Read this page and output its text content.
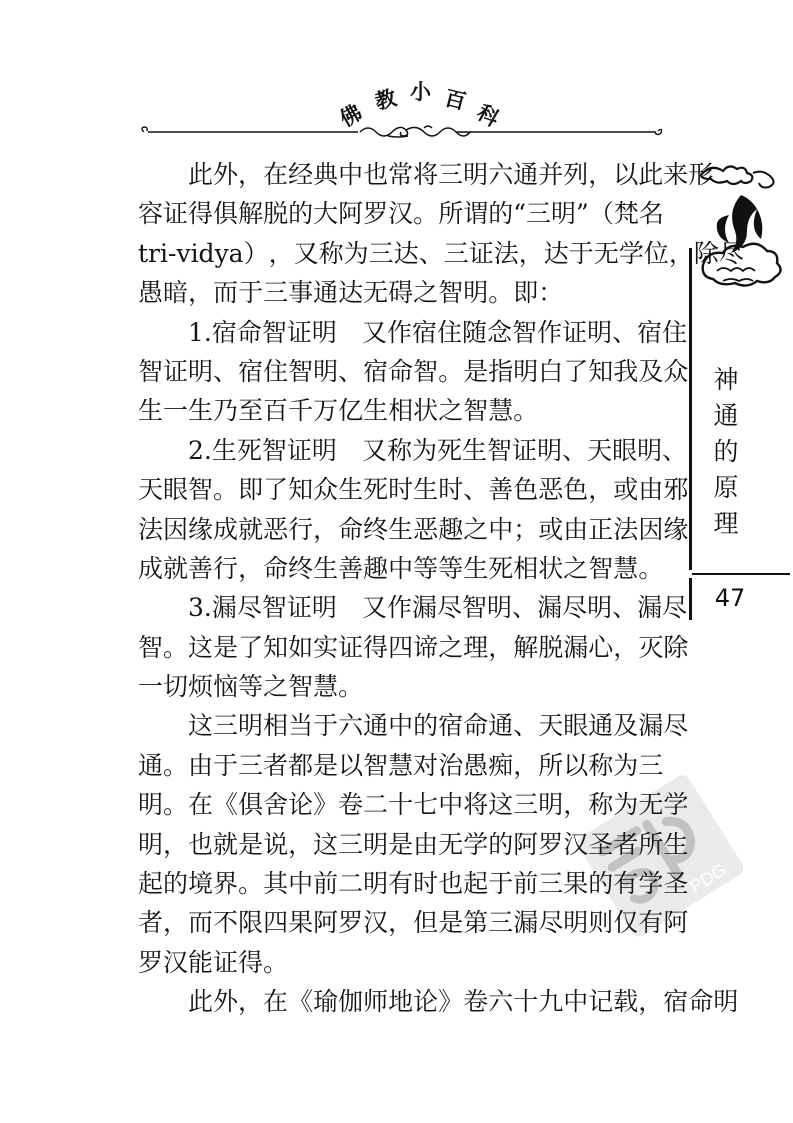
佛 教 小 百 科
神
通
的
原
理
47
PDG
此 外 ， 在 经 典 中 也 常 将 三 明 六 通 并 列 ， 以 此 来 形
容 证 得 俱 解 脱 的 大 阿 罗 汉 。 所 谓 的 “ 三 明 ” （ 梵 名
tri-vidya ） ， 又 称 为 三 达 、 三 证 法 ， 达 于 无 学 位 ， 除 尽
愚 暗 ， 而 于 三 事 通 达 无 碍 之 智 明 。 即 ：
1 . 宿 命 智 证 明
　 又 作 宿 住 随 念 智 作 证 明 、 宿 住
智 证 明 、 宿 住 智 明 、 宿 命 智 。 是 指 明 白 了 知 我 及 众
生 一 生 乃 至 百 千 万 亿 生 相 状 之 智 慧 。
2 . 生 死 智 证 明
　 又 称 为 死 生 智 证 明 、 天 眼 明 、
天 眼 智 。 即 了 知 众 生 死 时 生 时 、 善 色 恶 色 ， 或 由 邪
法 因 缘 成 就 恶 行 ， 命 终 生 恶 趣 之 中 ； 或 由 正 法 因 缘
成 就 善 行 ， 命 终 生 善 趣 中 等 等 生 死 相 状 之 智 慧 。
3 . 漏 尽 智 证 明
　 又 作 漏 尽 智 明 、 漏 尽 明 、 漏 尽
智 。 这 是 了 知 如 实 证 得 四 谛 之 理 ， 解 脱 漏 心 ， 灭 除
一 切 烦 恼 等 之 智 慧 。
这 三 明 相 当 于 六 通 中 的 宿 命 通 、 天 眼 通 及 漏 尽
通 。 由 于 三 者 都 是 以 智 慧 对 治 愚 痴 ， 所 以 称 为 三
明 。 在 《 俱 舍 论 》 卷 二 十 七 中 将 这 三 明 ， 称 为 无 学
明 ， 也 就 是 说 ， 这 三 明 是 由 无 学 的 阿 罗 汉 圣 者 所 生
起 的 境 界 。 其 中 前 二 明 有 时 也 起 于 前 三 果 的 有 学 圣
者 ， 而 不 限 四 果 阿 罗 汉 ， 但 是 第 三 漏 尽 明 则 仅 有 阿
罗 汉 能 证 得 。
此 外 ， 在 《 瑜 伽 师 地 论 》 卷 六 十 九 中 记 载 ， 宿 命 明
